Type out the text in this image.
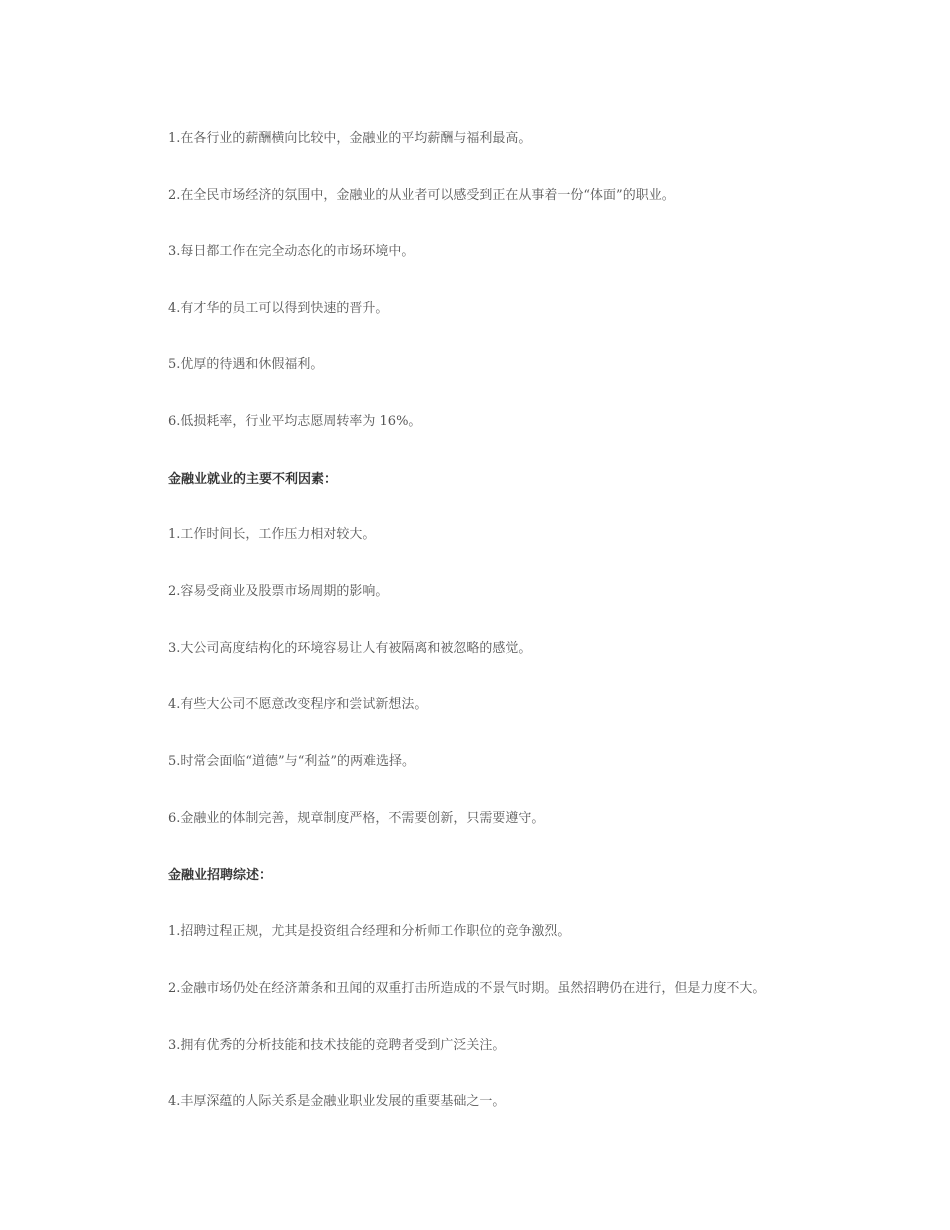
1.在各行业的薪酬横向比较中，金融业的平均薪酬与福利最高。
2.在全民市场经济的氛围中，金融业的从业者可以感受到正在从事着一份“体面”的职业。
3.每日都工作在完全动态化的市场环境中。
4.有才华的员工可以得到快速的晋升。
5.优厚的待遇和休假福利。
6.低损耗率，行业平均志愿周转率为 16%。
金融业就业的主要不利因素：
1.工作时间长，工作压力相对较大。
2.容易受商业及股票市场周期的影响。
3.大公司高度结构化的环境容易让人有被隔离和被忽略的感觉。
4.有些大公司不愿意改变程序和尝试新想法。
5.时常会面临“道德”与“利益”的两难选择。
6.金融业的体制完善，规章制度严格，不需要创新，只需要遵守。
金融业招聘综述：
1.招聘过程正规，尤其是投资组合经理和分析师工作职位的竞争激烈。
2.金融市场仍处在经济萧条和丑闻的双重打击所造成的不景气时期。虽然招聘仍在进行，但是力度不大。
3.拥有优秀的分析技能和技术技能的竞聘者受到广泛关注。
4.丰厚深蕴的人际关系是金融业职业发展的重要基础之一。
